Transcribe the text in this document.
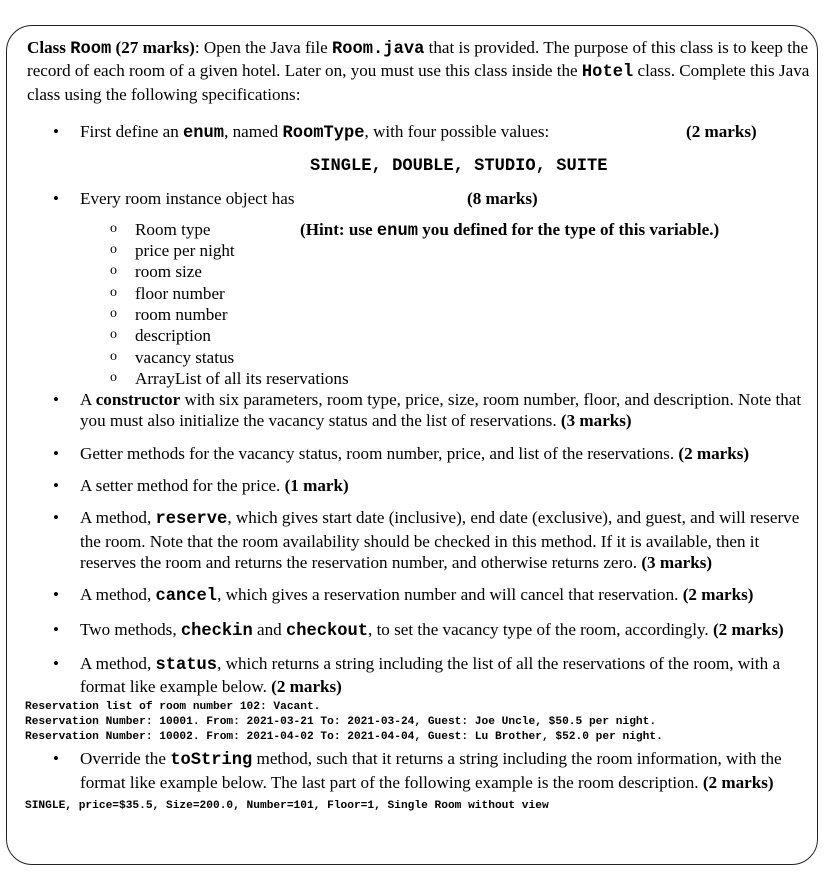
Class Room (27 marks): Open the Java file Room.java that is provided. The purpose of this class is to keep the record of each room of a given hotel. Later on, you must use this class inside the Hotel class. Complete this Java class using the following specifications:

• First define an enum, named RoomType, with four possible values:	(2 marks)
SINGLE, DOUBLE, STUDIO, SUITE
• Every room instance object has	(8 marks)
o Room type	(Hint: use enum you defined for the type of this variable.)
o price per night
o room size
o floor number
o room number
o description
o vacancy status
o ArrayList of all its reservations
• A constructor with six parameters, room type, price, size, room number, floor, and description. Note that you must also initialize the vacancy status and the list of reservations. (3 marks)
• Getter methods for the vacancy status, room number, price, and list of the reservations. (2 marks)
• A setter method for the price. (1 mark)
• A method, reserve, which gives start date (inclusive), end date (exclusive), and guest, and will reserve the room. Note that the room availability should be checked in this method. If it is available, then it reserves the room and returns the reservation number, and otherwise returns zero. (3 marks)
• A method, cancel, which gives a reservation number and will cancel that reservation. (2 marks)
• Two methods, checkin and checkout, to set the vacancy type of the room, accordingly. (2 marks)
• A method, status, which returns a string including the list of all the reservations of the room, with a format like example below. (2 marks)
Reservation list of room number 102: Vacant.
Reservation Number: 10001. From: 2021-03-21 To: 2021-03-24, Guest: Joe Uncle, $50.5 per night.
Reservation Number: 10002. From: 2021-04-02 To: 2021-04-04, Guest: Lu Brother, $52.0 per night.
• Override the toString method, such that it returns a string including the room information, with the format like example below. The last part of the following example is the room description. (2 marks)
SINGLE, price=$35.5, Size=200.0, Number=101, Floor=1, Single Room without view
